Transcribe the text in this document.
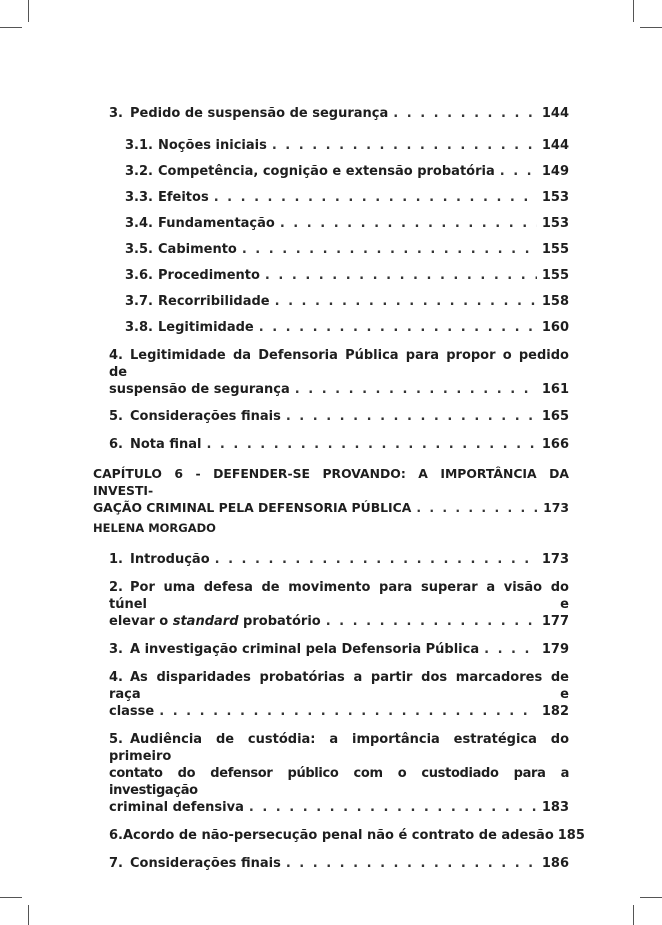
3. Pedido de suspensão de segurança . . .	144
3.1. Noções iniciais . . .	144
3.2. Competência, cognição e extensão probatória . . .	149
3.3. Efeitos . . .	153
3.4. Fundamentação . . .	153
3.5. Cabimento . . .	155
3.6. Procedimento . . .	155
3.7. Recorribilidade . . .	158
3.8. Legitimidade . . .	160
4. Legitimidade da Defensoria Pública para propor o pedido de
suspensão de segurança . . .	161
5. Considerações finais . . .	165
6. Nota final . . .	166
CAPÍTULO 6 - DEFENDER-SE PROVANDO: A IMPORTÂNCIA DA INVESTI-
GAÇÃO CRIMINAL PELA DEFENSORIA PÚBLICA . . .	173
HELENA MORGADO
1. Introdução . . .	173
2. Por uma defesa de movimento para superar a visão do túnel e
elevar o standard probatório . . .	177
3. A investigação criminal pela Defensoria Pública . . .	179
4. As disparidades probatórias a partir dos marcadores de raça e
classe . . .	182
5. Audiência de custódia: a importância estratégica do primeiro
contato do defensor público com o custodiado para a investigação
criminal defensiva . . .	183
6. Acordo de não-persecução penal não é contrato de adesão 185
7. Considerações finais . . .	186
